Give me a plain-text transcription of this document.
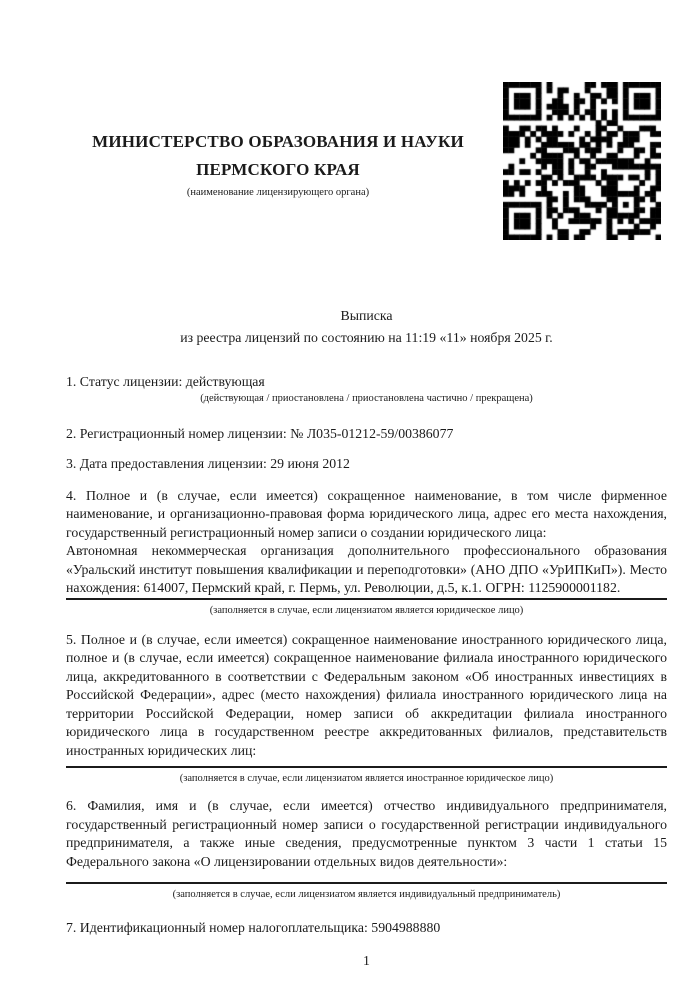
МИНИСТЕРСТВО ОБРАЗОВАНИЯ И НАУКИ ПЕРМСКОГО КРАЯ
(наименование лицензирующего органа)
Выписка
из реестра лицензий по состоянию на 11:19 «11» ноября 2025 г.
1. Статус лицензии: действующая
(действующая / приостановлена / приостановлена частично / прекращена)
2. Регистрационный номер лицензии: № Л035-01212-59/00386077
3. Дата предоставления лицензии: 29 июня 2012
4. Полное и (в случае, если имеется) сокращенное наименование, в том числе фирменное наименование, и организационно-правовая форма юридического лица, адрес его места нахождения, государственный регистрационный номер записи о создании юридического лица:
Автономная некоммерческая организация дополнительного профессионального образования «Уральский институт повышения квалификации и переподготовки» (АНО ДПО «УрИПКиП»). Место нахождения: 614007, Пермский край, г. Пермь, ул. Революции, д.5, к.1. ОГРН: 1125900001182.
(заполняется в случае, если лицензиатом является юридическое лицо)
5. Полное и (в случае, если имеется) сокращенное наименование иностранного юридического лица, полное и (в случае, если имеется) сокращенное наименование филиала иностранного юридического лица, аккредитованного в соответствии с Федеральным законом «Об иностранных инвестициях в Российской Федерации», адрес (место нахождения) филиала иностранного юридического лица на территории Российской Федерации, номер записи об аккредитации филиала иностранного юридического лица в государственном реестре аккредитованных филиалов, представительств иностранных юридических лиц:
(заполняется в случае, если лицензиатом является иностранное юридическое лицо)
6. Фамилия, имя и (в случае, если имеется) отчество индивидуального предпринимателя, государственный регистрационный номер записи о государственной регистрации индивидуального предпринимателя, а также иные сведения, предусмотренные пунктом 3 части 1 статьи 15 Федерального закона «О лицензировании отдельных видов деятельности»:
(заполняется в случае, если лицензиатом является индивидуальный предприниматель)
7. Идентификационный номер налогоплательщика: 5904988880
1
